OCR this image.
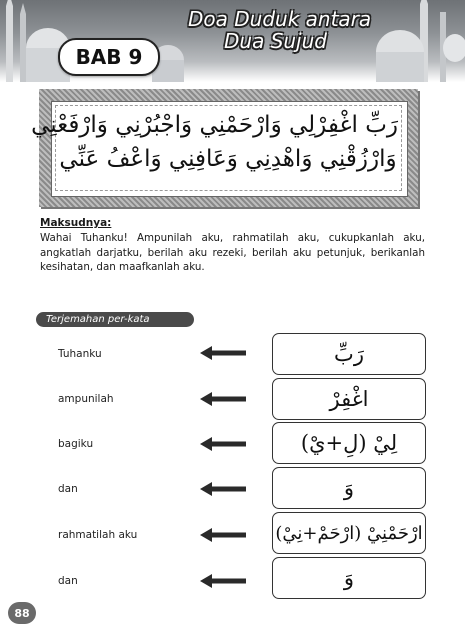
BAB 9
Doa Duduk antara
Dua Sujud
رَبِّ اغْفِرْلِي وَارْحَمْنِي وَاجْبُرْنِي وَارْفَعْنِي
وَارْزُقْنِي وَاهْدِنِي وَعَافِنِي وَاعْفُ عَنِّي
Maksudnya:
Wahai Tuhanku! Ampunilah aku, rahmatilah aku, cukupkanlah aku, angkatlah darjatku, berilah aku rezeki, berilah aku petunjuk, berikanlah kesihatan, dan maafkanlah aku.
Terjemahan per-kata
Tuhanku	رَبِّ
ampunilah	اغْفِرْ
bagiku	لِيْ (لِ+يْ)
dan	وَ
rahmatilah aku	ارْحَمْنِيْ (ارْحَمْ+نِيْ)
dan	وَ
88
